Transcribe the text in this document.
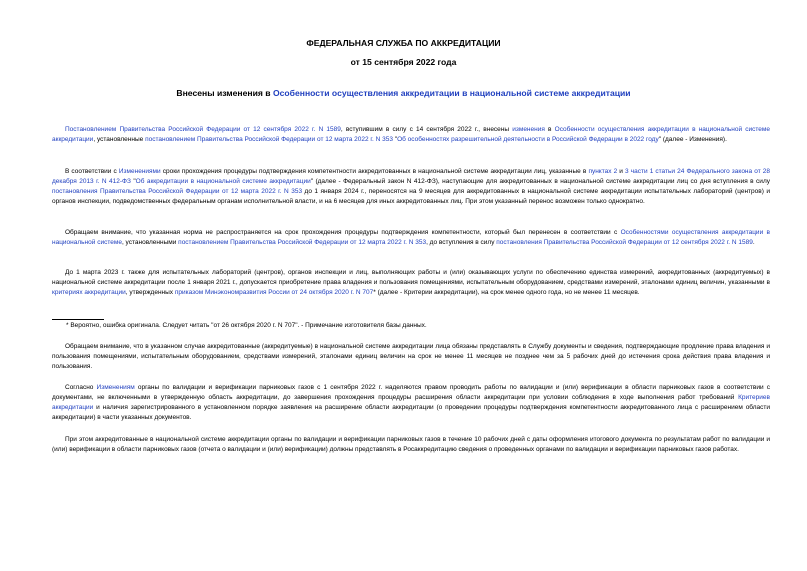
ФЕДЕРАЛЬНАЯ СЛУЖБА ПО АККРЕДИТАЦИИ
от 15 сентября 2022 года
Внесены изменения в Особенности осуществления аккредитации в национальной системе аккредитации
Постановлением Правительства Российской Федерации от 12 сентября 2022 г. N 1589, вступившим в силу с 14 сентября 2022 г., внесены изменения в Особенности осуществления аккредитации в национальной системе аккредитации, установленные постановлением Правительства Российской Федерации от 12 марта 2022 г. N 353 "Об особенностях разрешительной деятельности в Российской Федерации в 2022 году" (далее - Изменения).
В соответствии с Изменениями сроки прохождения процедуры подтверждения компетентности аккредитованных в национальной системе аккредитации лиц, указанные в пунктах 2 и 3 части 1 статьи 24 Федерального закона от 28 декабря 2013 г. N 412-ФЗ "Об аккредитации в национальной системе аккредитации" (далее - Федеральный закон N 412-ФЗ), наступающие для аккредитованных в национальной системе аккредитации лиц со дня вступления в силу постановления Правительства Российской Федерации от 12 марта 2022 г. N 353 до 1 января 2024 г., переносятся на 9 месяцев для аккредитованных в национальной системе аккредитации испытательных лабораторий (центров) и органов инспекции, подведомственных федеральным органам исполнительной власти, и на 6 месяцев для иных аккредитованных лиц. При этом указанный перенос возможен только однократно.
Обращаем внимание, что указанная норма не распространяется на срок прохождения процедуры подтверждения компетентности, который был перенесен в соответствии с Особенностями осуществления аккредитации в национальной системе, установленными постановлением Правительства Российской Федерации от 12 марта 2022 г. N 353, до вступления в силу постановления Правительства Российской Федерации от 12 сентября 2022 г. N 1589.
До 1 марта 2023 г. также для испытательных лабораторий (центров), органов инспекции и лиц, выполняющих работы и (или) оказывающих услуги по обеспечению единства измерений, аккредитованных (аккредитуемых) в национальной системе аккредитации после 1 января 2021 г., допускается приобретение права владения и пользования помещениями, испытательным оборудованием, средствами измерений, эталонами единиц величин, указанными в критериях аккредитации, утвержденных приказом Минэкономразвития России от 24 октября 2020 г. N 707* (далее - Критерии аккредитации), на срок менее одного года, но не менее 11 месяцев.
* Вероятно, ошибка оригинала. Следует читать "от 26 октября 2020 г. N 707". - Примечание изготовителя базы данных.
Обращаем внимание, что в указанном случае аккредитованные (аккредитуемые) в национальной системе аккредитации лица обязаны представлять в Службу документы и сведения, подтверждающие продление права владения и пользования помещениями, испытательным оборудованием, средствами измерений, эталонами единиц величин на срок не менее 11 месяцев не позднее чем за 5 рабочих дней до истечения срока действия права владения и пользования.
Согласно Изменениям органы по валидации и верификации парниковых газов с 1 сентября 2022 г. наделяются правом проводить работы по валидации и (или) верификации в области парниковых газов в соответствии с документами, не включенными в утвержденную область аккредитации, до завершения прохождения процедуры расширения области аккредитации при условии соблюдения в ходе выполнения работ требований Критериев аккредитации и наличия зарегистрированного в установленном порядке заявления на расширение области аккредитации (о проведении процедуры подтверждения компетентности аккредитованного лица с расширением области аккредитации) в части указанных документов.
При этом аккредитованные в национальной системе аккредитации органы по валидации и верификации парниковых газов в течение 10 рабочих дней с даты оформления итогового документа по результатам работ по валидации и (или) верификации в области парниковых газов (отчета о валидации и (или) верификации) должны представлять в Росаккредитацию сведения о проведенных органами по валидации и верификации парниковых газов работах.
